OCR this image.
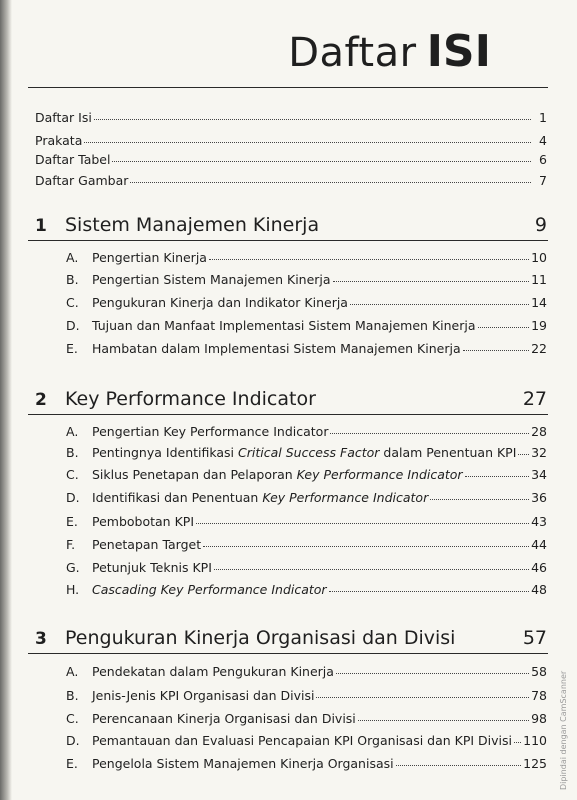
Daftar ISI
Daftar Isi	1
Prakata	4
Daftar Tabel	6
Daftar Gambar	7
1 Sistem Manajemen Kinerja	9
A. Pengertian Kinerja	10
B. Pengertian Sistem Manajemen Kinerja	11
C. Pengukuran Kinerja dan Indikator Kinerja	14
D. Tujuan dan Manfaat Implementasi Sistem Manajemen Kinerja	19
E. Hambatan dalam Implementasi Sistem Manajemen Kinerja	22
2 Key Performance Indicator	27
A. Pengertian Key Performance Indicator	28
B. Pentingnya Identifikasi Critical Success Factor dalam Penentuan KPI 32
C. Siklus Penetapan dan Pelaporan Key Performance Indicator	34
D. Identifikasi dan Penentuan Key Performance Indicator	36
E. Pembobotan KPI	43
F. Penetapan Target	44
G. Petunjuk Teknis KPI	46
H. Cascading Key Performance Indicator	48
3 Pengukuran Kinerja Organisasi dan Divisi	57
A. Pendekatan dalam Pengukuran Kinerja	58
B. Jenis-Jenis KPI Organisasi dan Divisi	78
C. Perencanaan Kinerja Organisasi dan Divisi	98
D. Pemantauan dan Evaluasi Pencapaian KPI Organisasi dan KPI Divisi 110
E. Pengelola Sistem Manajemen Kinerja Organisasi	125 Dipindai dengan CamScanner
